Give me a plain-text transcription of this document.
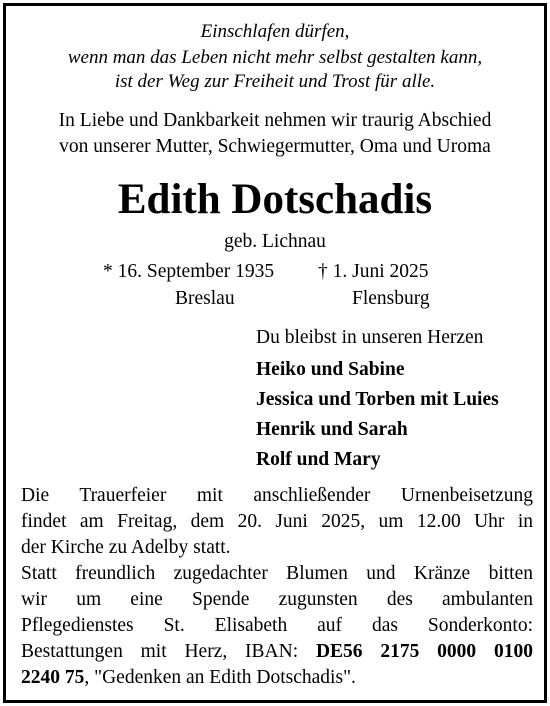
Einschlafen dürfen,
wenn man das Leben nicht mehr selbst gestalten kann,
ist der Weg zur Freiheit und Trost für alle.
In Liebe und Dankbarkeit nehmen wir traurig Abschied
von unserer Mutter, Schwiegermutter, Oma und Uroma
Edith Dotschadis
geb. Lichnau
* 16. September 1935 † 1. Juni 2025
Breslau	Flensburg
Du bleibst in unseren Herzen
Heiko und Sabine
Jessica und Torben mit Luies
Henrik und Sarah
Rolf und Mary
Die Trauerfeier mit anschließender Urnenbeisetzung
findet am Freitag, dem 20. Juni 2025, um 12.00 Uhr in
der Kirche zu Adelby statt.
Statt freundlich zugedachter Blumen und Kränze bitten
wir um eine Spende zugunsten des ambulanten
Pflegedienstes St. Elisabeth auf das Sonderkonto:
Bestattungen mit Herz, IBAN: DE56 2175 0000 0100
2240 75, "Gedenken an Edith Dotschadis".
